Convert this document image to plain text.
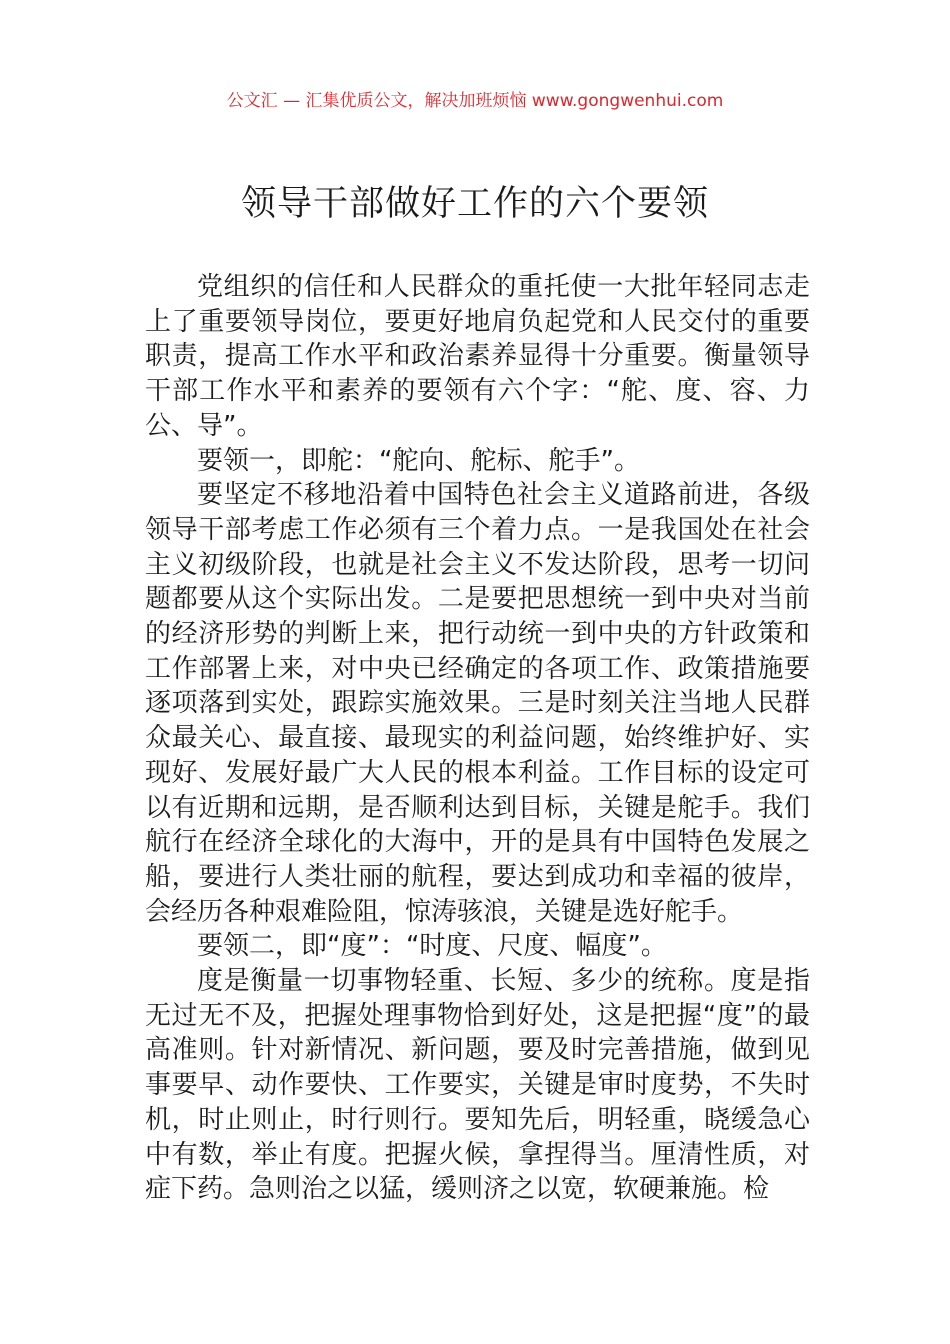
公文汇 — 汇集优质公文，解决加班烦恼 www.gongwenhui.com
领导干部做好工作的六个要领

党组织的信任和人民群众的重托使一大批年轻同志走上了重要领导岗位，要更好地肩负起党和人民交付的重要职责，提高工作水平和政治素养显得十分重要。衡量领导干部工作水平和素养的要领有六个字：“舵、度、容、力公、导”。

要领一，即舵：“舵向、舵标、舵手”。

要坚定不移地沿着中国特色社会主义道路前进，各级领导干部考虑工作必须有三个着力点。一是我国处在社会主义初级阶段，也就是社会主义不发达阶段，思考一切问题都要从这个实际出发。二是要把思想统一到中央对当前的经济形势的判断上来，把行动统一到中央的方针政策和工作部署上来，对中央已经确定的各项工作、政策措施要逐项落到实处，跟踪实施效果。三是时刻关注当地人民群众最关心、最直接、最现实的利益问题，始终维护好、实现好、发展好最广大人民的根本利益。工作目标的设定可以有近期和远期，是否顺利达到目标，关键是舵手。我们航行在经济全球化的大海中，开的是具有中国特色发展之船，要进行人类壮丽的航程，要达到成功和幸福的彼岸，会经历各种艰难险阻，惊涛骇浪，关键是选好舵手。

要领二，即“度”：“时度、尺度、幅度”。

度是衡量一切事物轻重、长短、多少的统称。度是指无过无不及，把握处理事物恰到好处，这是把握“度”的最高准则。针对新情况、新问题，要及时完善措施，做到见事要早、动作要快、工作要实，关键是审时度势，不失时机，时止则止，时行则行。要知先后，明轻重，晓缓急心中有数，举止有度。把握火候，拿捏得当。厘清性质，对症下药。急则治之以猛，缓则济之以宽，软硬兼施。检
